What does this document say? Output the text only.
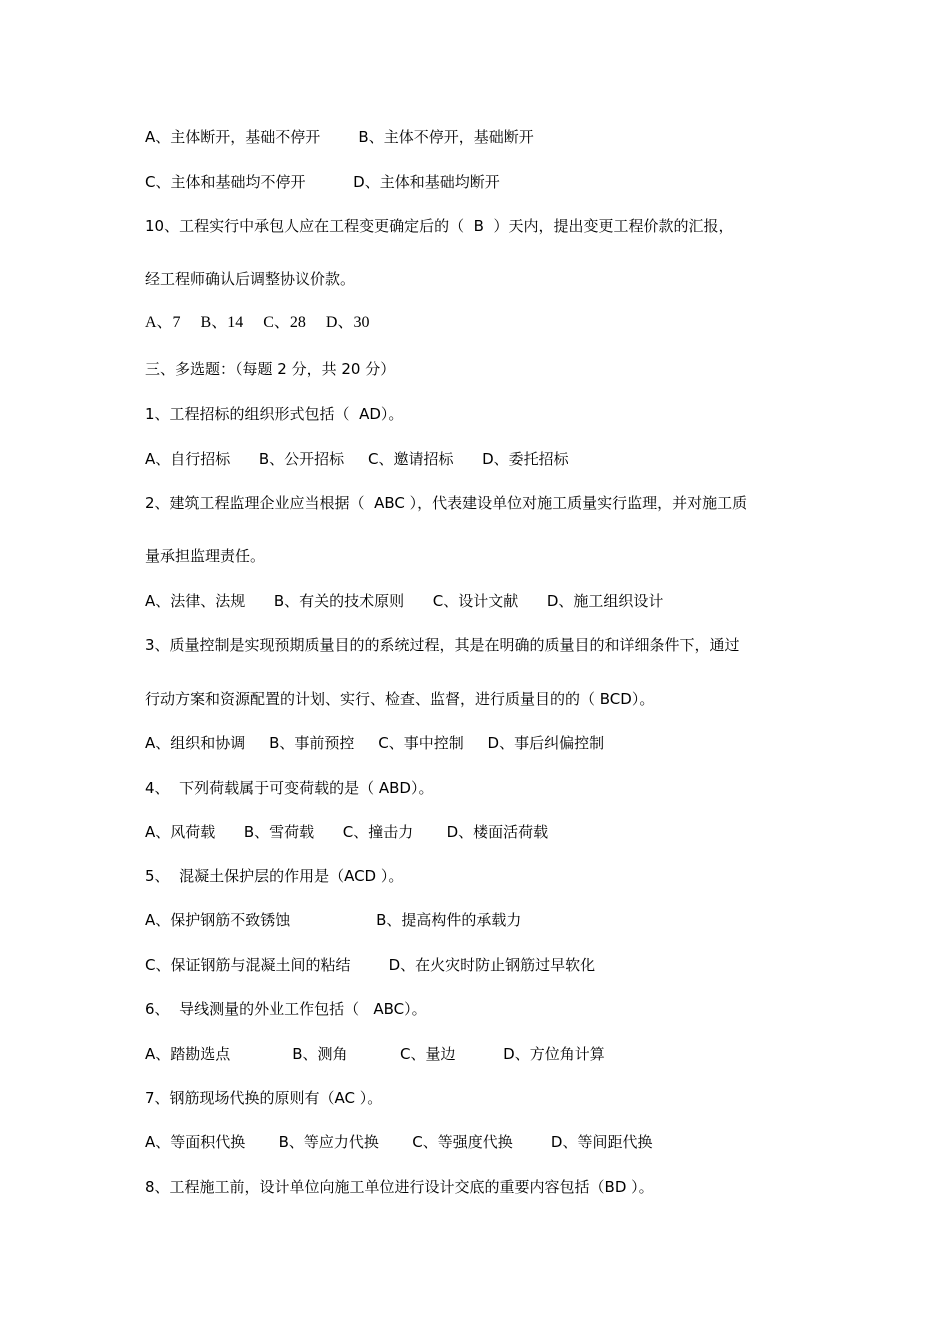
A、主体断开，基础不停开        B、主体不停开，基础断开

C、主体和基础均不停开          D、主体和基础均断开

10、工程实行中承包人应在工程变更确定后的（  B  ）天内，提出变更工程价款的汇报，

经工程师确认后调整协议价款。

A、7     B、14     C、28     D、30

三、多选题：（每题 2 分，共 20 分）

1、工程招标的组织形式包括（  AD）。

A、自行招标      B、公开招标     C、邀请招标      D、委托招标

2、建筑工程监理企业应当根据（  ABC ），代表建设单位对施工质量实行监理，并对施工质

量承担监理责任。

A、法律、法规      B、有关的技术原则      C、设计文献      D、施工组织设计

3、质量控制是实现预期质量目的的系统过程，其是在明确的质量目的和详细条件下，通过

行动方案和资源配置的计划、实行、检查、监督，进行质量目的的（ BCD）。

A、组织和协调     B、事前预控     C、事中控制     D、事后纠偏控制

4、  下列荷载属于可变荷载的是（ ABD）。

A、风荷载      B、雪荷载      C、撞击力       D、楼面活荷载

5、  混凝土保护层的作用是（ACD ）。

A、保护钢筋不致锈蚀                  B、提高构件的承载力

C、保证钢筋与混凝土间的粘结        D、在火灾时防止钢筋过早软化

6、  导线测量的外业工作包括（   ABC）。

A、踏勘选点             B、测角           C、量边          D、方位角计算

7、钢筋现场代换的原则有（AC ）。

A、等面积代换       B、等应力代换       C、等强度代换        D、等间距代换

8、工程施工前，设计单位向施工单位进行设计交底的重要内容包括（BD ）。
